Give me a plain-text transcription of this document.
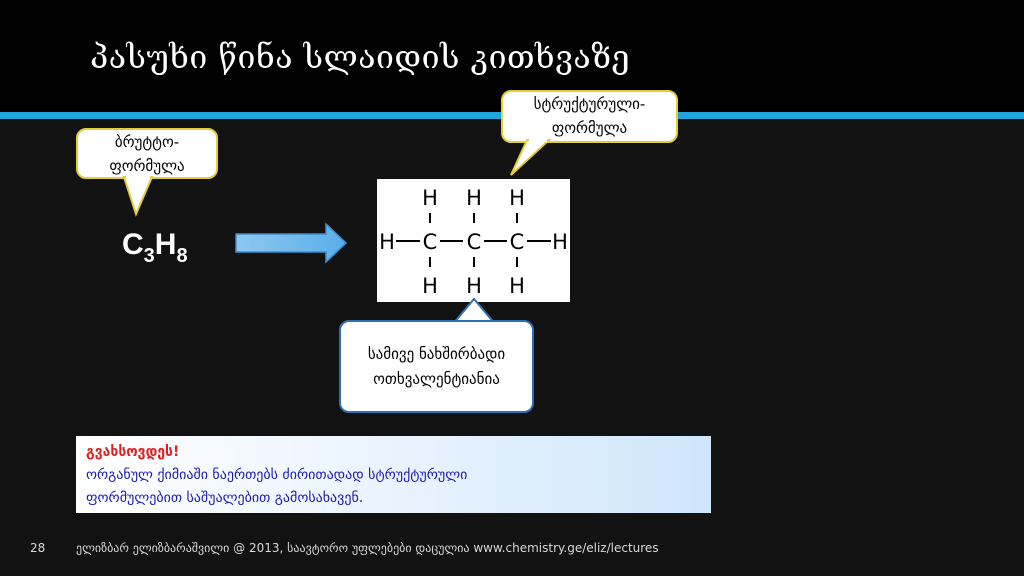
პასუხი წინა სლაიდის კითხვაზე
ბრუტტო-
ფორმულა
სტრუქტურული-
ფორმულა
$C_3H_8$
H H H
H C C C H
H H H
სამივე ნახშირბადი
ოთხვალენტიანია
გვახსოვდეს!
ორგანულ ქიმიაში ნაერთებს ძირითადად სტრუქტურული
ფორმულებით საშუალებით გამოსახავენ.
28	ელიზბარ ელიზბარაშვილი @ 2013, საავტორო უფლებები დაცულია www.chemistry.ge/eliz/lectures
